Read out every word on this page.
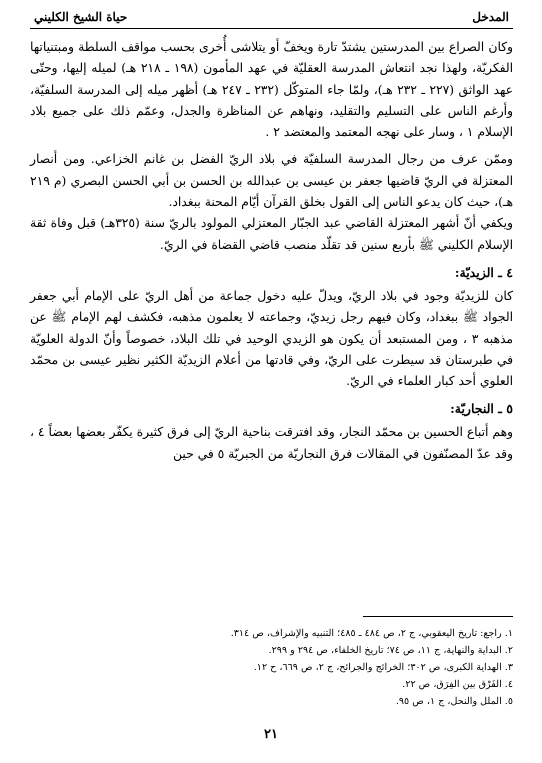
المدخل
حياة الشيخ الكليني

وكان الصراع بين المدرستين يشتدّ تارة ويخفّ أو يتلاشى أُخرى بحسب مواقف السلطة ومبتنياتها الفكريّة، ولهذا نجد انتعاش المدرسة العقليّة في عهد المأمون (١٩٨ ـ ٢١٨ هـ) لميله إليها، وحتّى عهد الواثق (٢٢٧ ـ ٢٣٢ هـ)، ولمّا جاء المتوكّل (٢٣٢ ـ ٢٤٧ هـ) أظهر ميله إلى المدرسة السلفيّة، وأرغم الناس على التسليم والتقليد، ونهاهم عن المناظرة والجدل، وعمّم ذلك على جميع بلاد الإسلام ١ ، وسار على نهجه المعتمد والمعتضد ٢ .

وممّن عرف من رجال المدرسة السلفيّة في بلاد الريّ الفضل بن غانم الخزاعي. ومن أنصار المعتزلة في الريّ قاضيها جعفر بن عيسى بن عبدالله بن الحسن بن أبي الحسن البصري (م ٢١٩ هـ)، حيث كان يدعو الناس إلى القول بخلق القرآن أيّام المحنة ببغداد.

ويكفي أنّ أشهر المعتزلة القاضي عبد الجبّار المعتزلي المولود بالريّ سنة (٣٢٥هـ) قبل وفاة ثقة الإسلام الكليني ﷺ بأربع سنين قد تقلّد منصب قاضي القضاة في الريّ.

٤ ـ الزيديّة:

كان للزيديّة وجود في بلاد الريّ، ويدلّ عليه دخول جماعة من أهل الريّ على الإمام أبي جعفر الجواد ﷺ ببغداد، وكان فيهم رجل زيديّ، وجماعته لا يعلمون مذهبه، فكشف لهم الإمام ﷺ عن مذهبه ٣ ، ومن المستبعد أن يكون هو الزيدي الوحيد في تلك البلاد، خصوصاً وأنّ الدولة العلويّة في طبرستان قد سيطرت على الريّ، وفي قادتها من أعلام الزيديّة الكثير نظير عيسى بن محمّد العلوي أحد كبار العلماء في الريّ.

٥ ـ النجاريّة:

وهم أتباع الحسين بن محمّد النجار، وقد افترقت بناحية الريّ إلى فرق كثيرة يكفّر بعضها بعضاً ٤ ، وقد عدّ المصنّفون في المقالات فرق النجاريّة من الجبريّة ٥ في حين

١. راجع: تاريخ اليعقوبي، ج ٢، ص ٤٨٤ ـ ٤٨٥؛ التنبيه والإشراف، ص ٣١٤.

٢. البداية والنهاية، ج ١١، ص ٧٤؛ تاريخ الخلفاء، ص ٢٩٤ و ٢٩٩.

٣. الهداية الكبرى، ص ٣٠٢؛ الخرائج والجرائح، ج ٢، ص ٦٦٩، ح ١٢.

٤. الفَرْق بين الفِرَق، ص ٢٢.

٥. الملل والنحل، ج ١، ص ٩٥.

٢١
